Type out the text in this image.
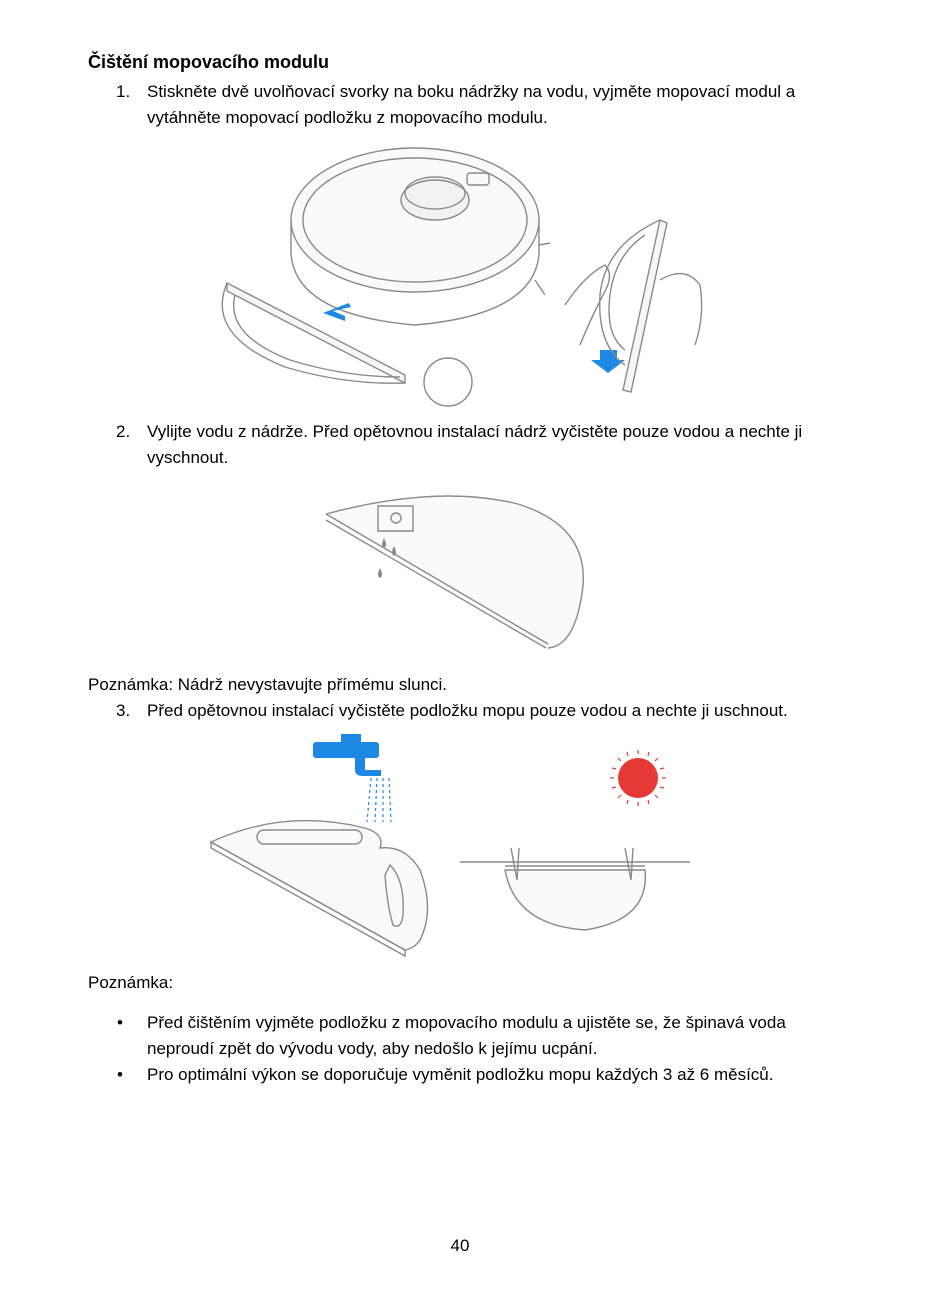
Čištění mopovacího modulu
1. Stiskněte dvě uvolňovací svorky na boku nádržky na vodu, vyjměte mopovací modul a vytáhněte mopovací podložku z mopovacího modulu.
2. Vylijte vodu z nádrže. Před opětovnou instalací nádrž vyčistěte pouze vodou a nechte ji vyschnout.
Poznámka: Nádrž nevystavujte přímému slunci.
3. Před opětovnou instalací vyčistěte podložku mopu pouze vodou a nechte ji uschnout.
Poznámka:
• Před čištěním vyjměte podložku z mopovacího modulu a ujistěte se, že špinavá voda neproudí zpět do vývodu vody, aby nedošlo k jejímu ucpání.
• Pro optimální výkon se doporučuje vyměnit podložku mopu každých 3 až 6 měsíců.
40
